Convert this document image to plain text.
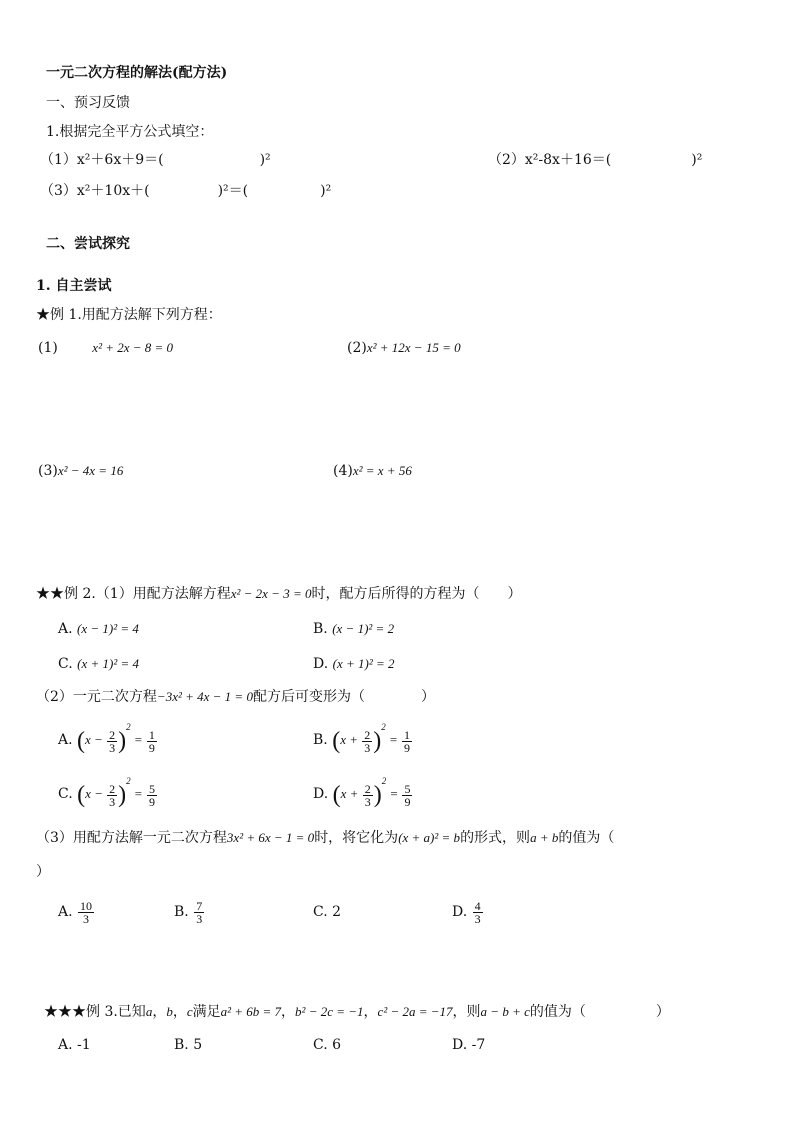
一元二次方程的解法(配方法)
一、预习反馈
1.根据完全平方公式填空：
（1）x²＋6x＋9＝(	)²	（2）x²-8x＋16＝(	)²
（3）x²＋10x＋(	)²＝(	)²
二、尝试探究
1. 自主尝试
★例 1.用配方法解下列方程：
(1)	x² + 2x − 8 = 0	(2)x² + 12x − 15 = 0
(3)x² − 4x = 16	(4)x² = x + 56
★★例 2.（1）用配方法解方程x² − 2x − 3 = 0时，配方后所得的方程为（　　）
A. (x − 1)² = 4	B. (x − 1)² = 2
C. (x + 1)² = 4	D. (x + 1)² = 2
（2）一元二次方程−3x² + 4x − 1 = 0配方后可变形为（　　　　）
A. $(x - \frac{2}{3} )^2 = \frac{1}{9}$	B. $(x + \frac{2}{3} )^2 = \frac{1}{9}$
C. $(x - \frac{2}{3} )^2 = \frac{5}{9}$	D. $(x + \frac{2}{3} )^2 = \frac{5}{9}$
（3）用配方法解一元二次方程3x² + 6x − 1 = 0时，将它化为(x + a)² = b的形式，则a + b的值为（
）
A. $\frac{10}{3}$	B. $\frac{7}{3}$	C. 2	D. $\frac{4}{3}$
★★★例 3.已知a，b，c满足a² + 6b = 7，b² − 2c = −1，c² − 2a = −17，则a − b + c的值为（　　　　　）
A. -1	B. 5	C. 6	D. -7
